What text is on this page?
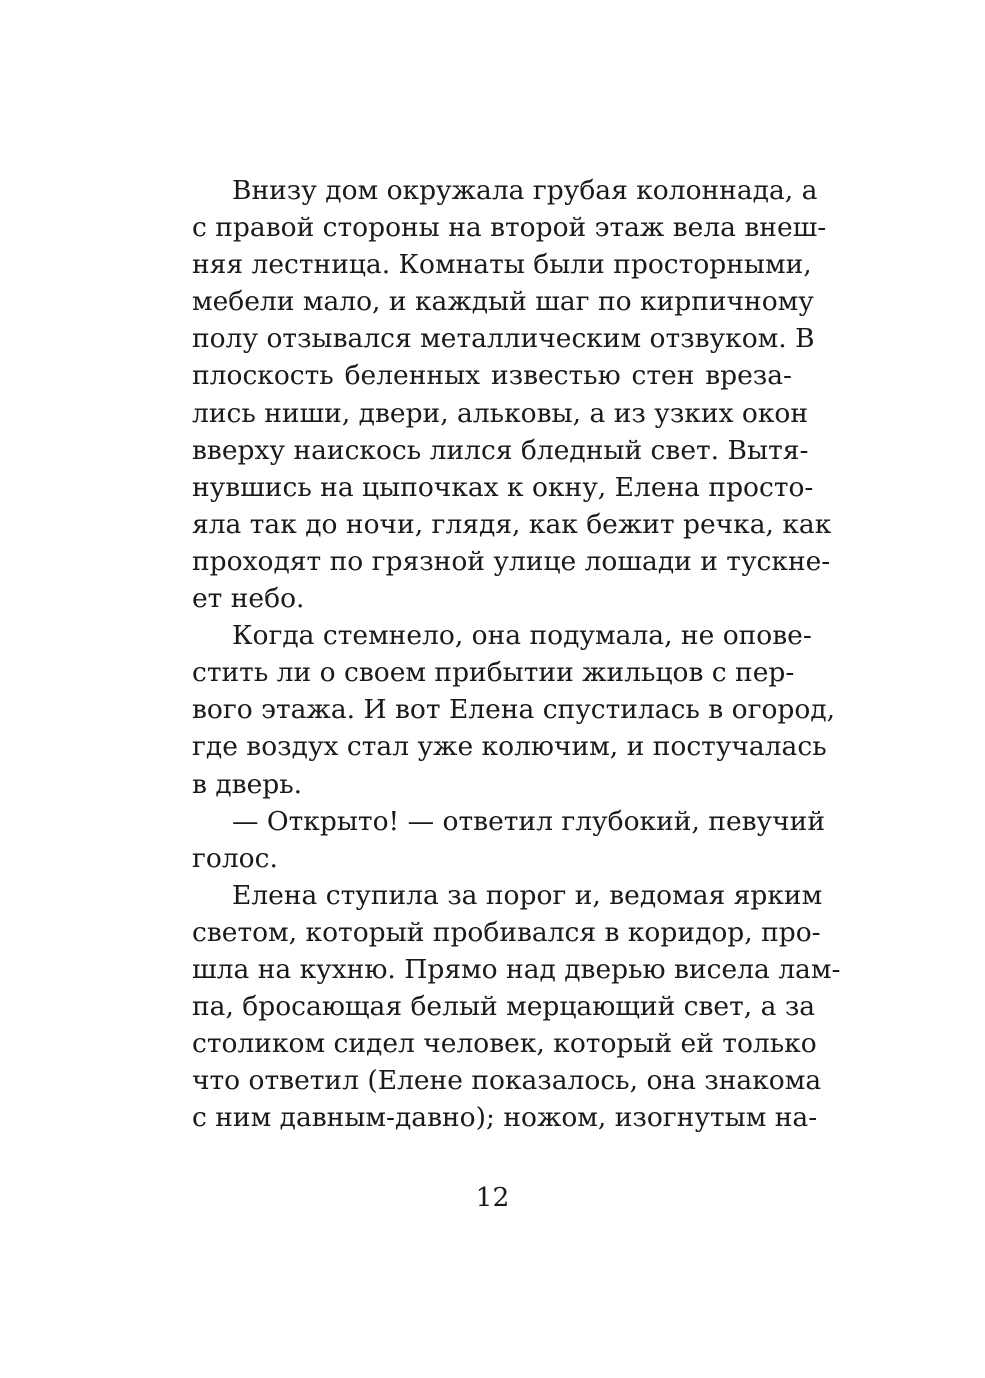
Внизу дом окружала грубая колоннада, а
с правой стороны на второй этаж вела внеш-
няя лестница. Комнаты были просторными,
мебели мало, и каждый шаг по кирпичному
полу отзывался металлическим отзвуком. В
плоскость беленных известью стен вреза-
лись ниши, двери, альковы, а из узких окон
вверху наискось лился бледный свет. Вытя-
нувшись на цыпочках к окну, Елена просто-
яла так до ночи, глядя, как бежит речка, как
проходят по грязной улице лошади и тускне-
ет небо.
Когда стемнело, она подумала, не опове-
стить ли о своем прибытии жильцов с пер-
вого этажа. И вот Елена спустилась в огород,
где воздух стал уже колючим, и постучалась
в дверь.
— Открыто! — ответил глубокий, певучий
голос.
Елена ступила за порог и, ведомая ярким
светом, который пробивался в коридор, про-
шла на кухню. Прямо над дверью висела лам-
па, бросающая белый мерцающий свет, а за
столиком сидел человек, который ей только
что ответил (Елене показалось, она знакома
с ним давным-давно); ножом, изогнутым на-
12
